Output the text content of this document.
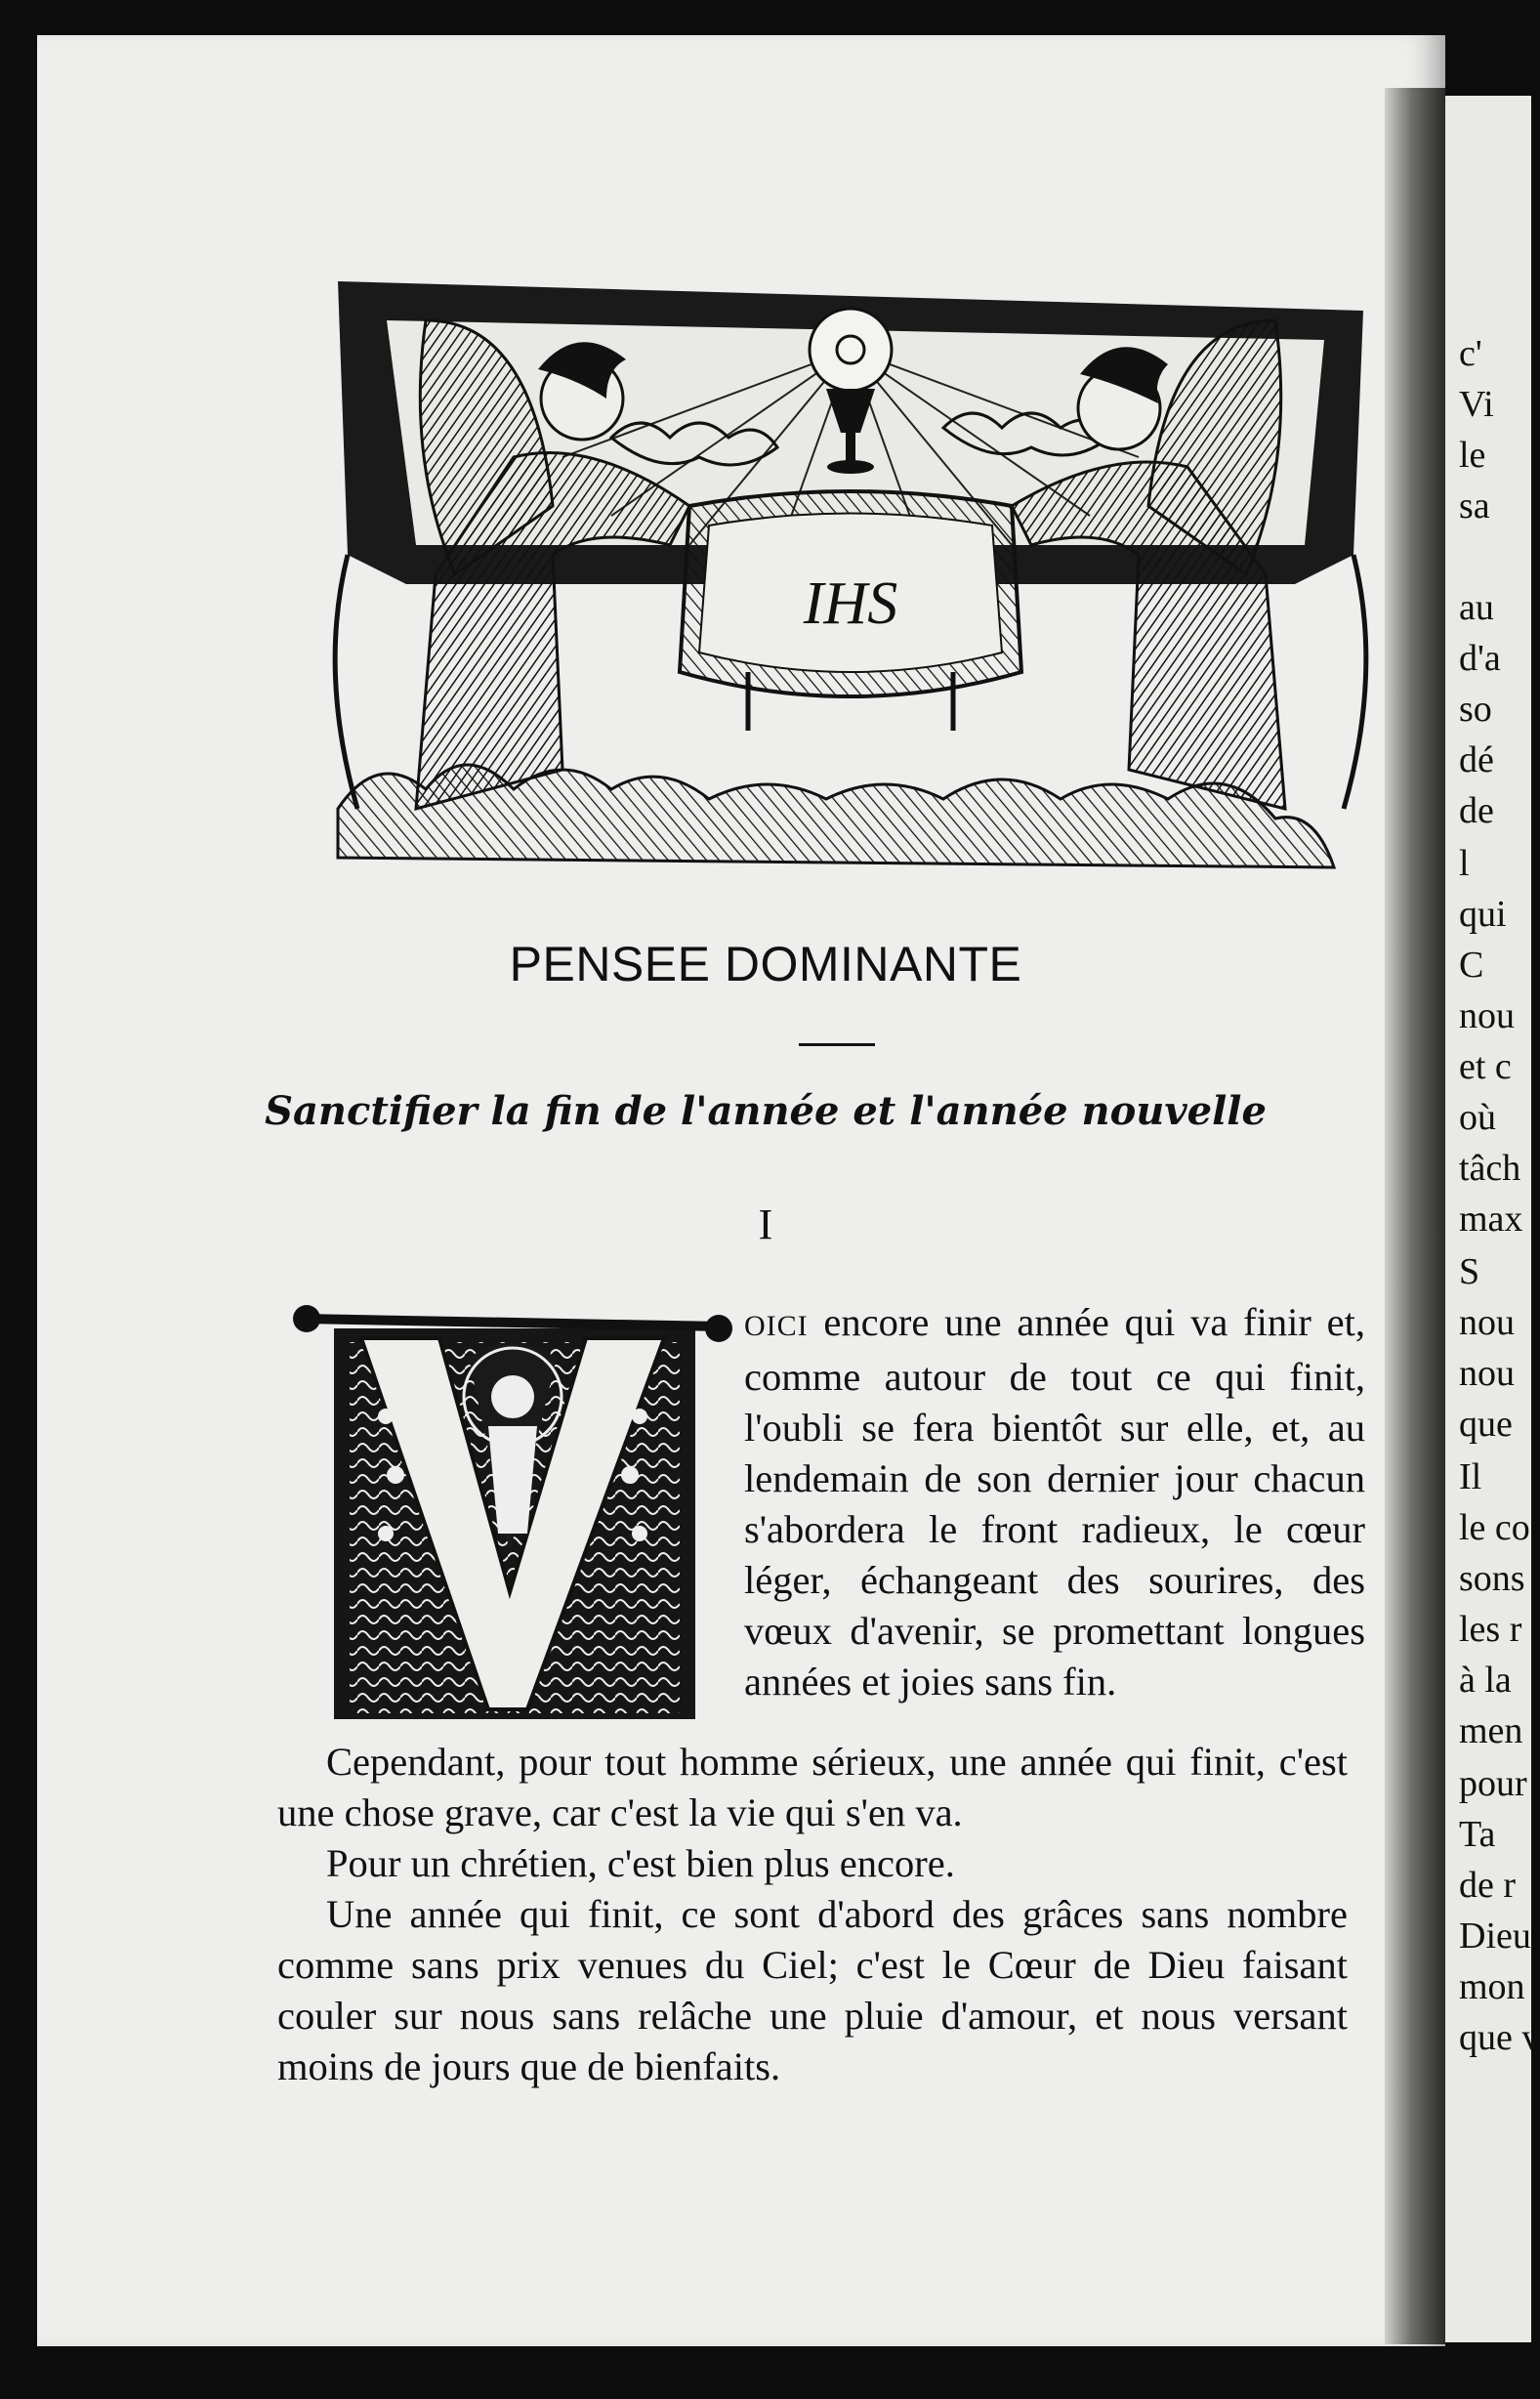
c'
Vi
le
sa
au
d'a
so
dé
de
l
qui
C
nou
et c
où
tâch
max
S
nou
nou
que
Il
le co
sons
les r
à la
men
pour
Ta
de r
Dieu
mon
que v
IHS
PENSEE DOMINANTE
Sanctifier la fin de l'année et l'année nouvelle
I

OICI encore une année qui va finir et, comme autour de tout ce qui finit, l'oubli se fera bientôt sur elle, et, au lendemain de son dernier jour chacun s'abordera le front radieux, le cœur léger, échangeant des sourires, des vœux d'avenir, se promettant longues années et joies sans fin.

Cependant, pour tout homme sérieux, une année qui finit, c'est une chose grave, car c'est la vie qui s'en va.

Pour un chrétien, c'est bien plus encore.

Une année qui finit, ce sont d'abord des grâces sans nombre comme sans prix venues du Ciel; c'est le Cœur de Dieu faisant couler sur nous sans relâche une pluie d'amour, et nous versant moins de jours que de bienfaits.
